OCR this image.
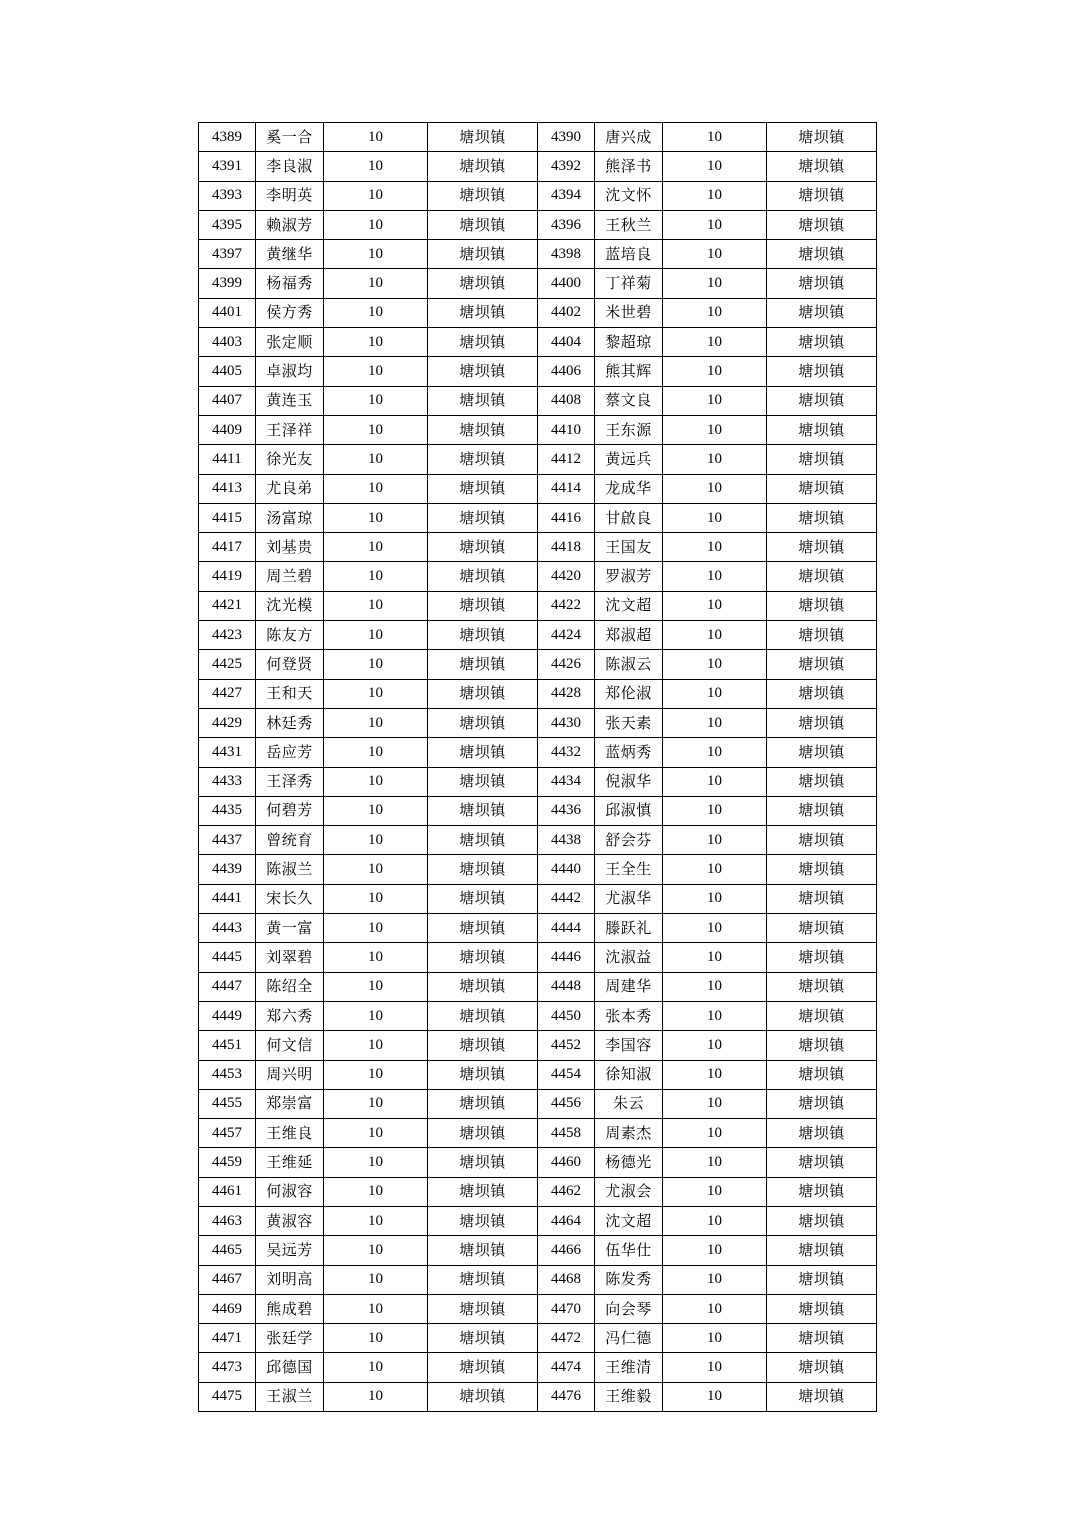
4389	奚一合	10	塘坝镇	4390	唐兴成	10	塘坝镇
4391	李良淑	10	塘坝镇	4392	熊泽书	10	塘坝镇
4393	李明英	10	塘坝镇	4394	沈文怀	10	塘坝镇
4395	赖淑芳	10	塘坝镇	4396	王秋兰	10	塘坝镇
4397	黄继华	10	塘坝镇	4398	蓝培良	10	塘坝镇
4399	杨福秀	10	塘坝镇	4400	丁祥菊	10	塘坝镇
4401	侯方秀	10	塘坝镇	4402	米世碧	10	塘坝镇
4403	张定顺	10	塘坝镇	4404	黎超琼	10	塘坝镇
4405	卓淑均	10	塘坝镇	4406	熊其辉	10	塘坝镇
4407	黄连玉	10	塘坝镇	4408	蔡文良	10	塘坝镇
4409	王泽祥	10	塘坝镇	4410	王东源	10	塘坝镇
4411	徐光友	10	塘坝镇	4412	黄远兵	10	塘坝镇
4413	尤良弟	10	塘坝镇	4414	龙成华	10	塘坝镇
4415	汤富琼	10	塘坝镇	4416	甘啟良	10	塘坝镇
4417	刘基贵	10	塘坝镇	4418	王国友	10	塘坝镇
4419	周兰碧	10	塘坝镇	4420	罗淑芳	10	塘坝镇
4421	沈光模	10	塘坝镇	4422	沈文超	10	塘坝镇
4423	陈友方	10	塘坝镇	4424	郑淑超	10	塘坝镇
4425	何登贤	10	塘坝镇	4426	陈淑云	10	塘坝镇
4427	王和天	10	塘坝镇	4428	郑伦淑	10	塘坝镇
4429	林廷秀	10	塘坝镇	4430	张天素	10	塘坝镇
4431	岳应芳	10	塘坝镇	4432	蓝炳秀	10	塘坝镇
4433	王泽秀	10	塘坝镇	4434	倪淑华	10	塘坝镇
4435	何碧芳	10	塘坝镇	4436	邱淑慎	10	塘坝镇
4437	曾统育	10	塘坝镇	4438	舒会芬	10	塘坝镇
4439	陈淑兰	10	塘坝镇	4440	王全生	10	塘坝镇
4441	宋长久	10	塘坝镇	4442	尤淑华	10	塘坝镇
4443	黄一富	10	塘坝镇	4444	滕跃礼	10	塘坝镇
4445	刘翠碧	10	塘坝镇	4446	沈淑益	10	塘坝镇
4447	陈绍全	10	塘坝镇	4448	周建华	10	塘坝镇
4449	郑六秀	10	塘坝镇	4450	张本秀	10	塘坝镇
4451	何文信	10	塘坝镇	4452	李国容	10	塘坝镇
4453	周兴明	10	塘坝镇	4454	徐知淑	10	塘坝镇
4455	郑崇富	10	塘坝镇	4456	朱云	10	塘坝镇
4457	王维良	10	塘坝镇	4458	周素杰	10	塘坝镇
4459	王维延	10	塘坝镇	4460	杨德光	10	塘坝镇
4461	何淑容	10	塘坝镇	4462	尤淑会	10	塘坝镇
4463	黄淑容	10	塘坝镇	4464	沈文超	10	塘坝镇
4465	吴远芳	10	塘坝镇	4466	伍华仕	10	塘坝镇
4467	刘明高	10	塘坝镇	4468	陈发秀	10	塘坝镇
4469	熊成碧	10	塘坝镇	4470	向会琴	10	塘坝镇
4471	张廷学	10	塘坝镇	4472	冯仁德	10	塘坝镇
4473	邱德国	10	塘坝镇	4474	王维清	10	塘坝镇
4475	王淑兰	10	塘坝镇	4476	王维毅	10	塘坝镇
